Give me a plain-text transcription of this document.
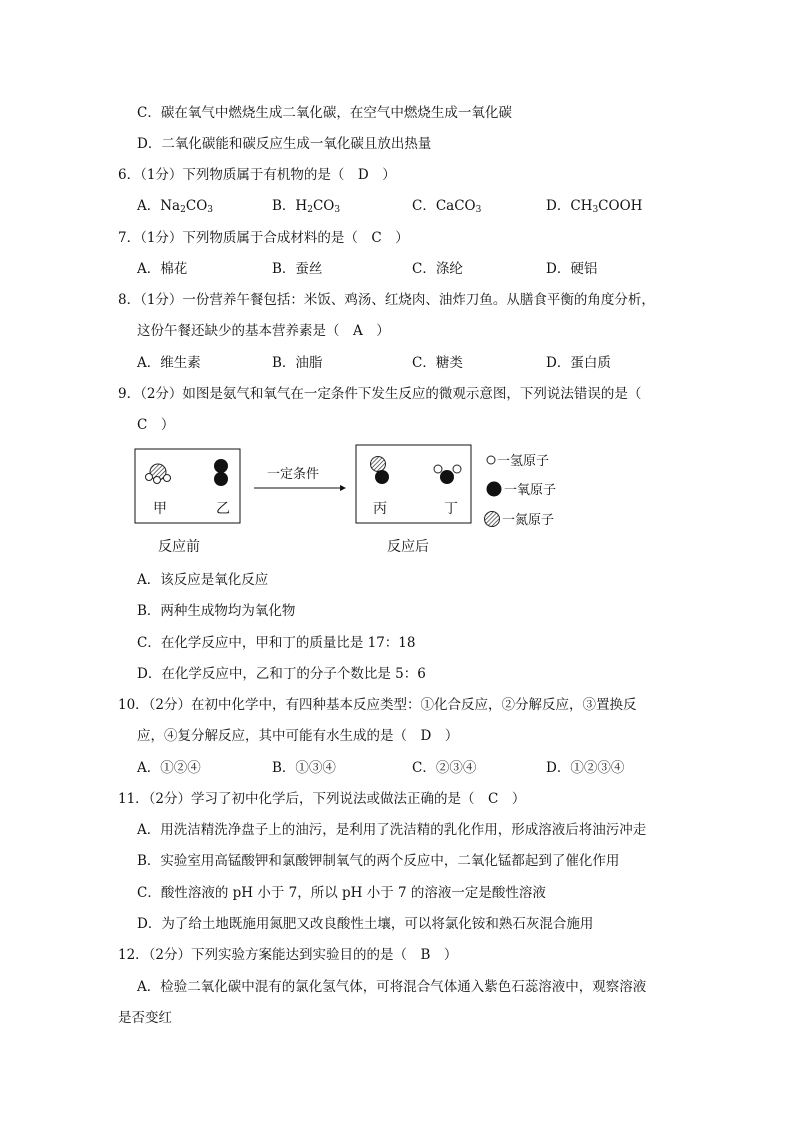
C．碳在氧气中燃烧生成二氧化碳，在空气中燃烧生成一氧化碳
D．二氧化碳能和碳反应生成一氧化碳且放出热量
6．（1分）下列物质属于有机物的是（　D　）
A．$Na_2CO_3$	B．$H_2CO_3$	C．CaCO$_3$	D．$CH_3COOH$
7．（1分）下列物质属于合成材料的是（　C　）
A．棉花	B．蚕丝	C．涤纶	D．硬铝
8．（1分）一份营养午餐包括：米饭、鸡汤、红烧肉、油炸刀鱼。从膳食平衡的角度分析，
这份午餐还缺少的基本营养素是（　A　）
A．维生素	B．油脂	C．糖类	D．蛋白质
9．（2分）如图是氨气和氧气在一定条件下发生反应的微观示意图，下列说法错误的是（
C　）
甲	乙
一定条件
丙	丁
一氢原子
一氧原子
一氮原子
反应前	反应后
A．该反应是氧化反应
B．两种生成物均为氧化物
C．在化学反应中，甲和丁的质量比是 17：18
D．在化学反应中，乙和丁的分子个数比是 5：6
10．（2分）在初中化学中，有四种基本反应类型：①化合反应，②分解反应，③置换反
应，④复分解反应，其中可能有水生成的是（　D　）
A．①②④	B．①③④	C．②③④	D．①②③④
11．（2分）学习了初中化学后，下列说法或做法正确的是（　C　）
A．用洗洁精洗净盘子上的油污，是利用了洗洁精的乳化作用，形成溶液后将油污冲走
B．实验室用高锰酸钾和氯酸钾制氧气的两个反应中，二氧化锰都起到了催化作用
C．酸性溶液的 pH 小于 7，所以 pH 小于 7 的溶液一定是酸性溶液
D．为了给土地既施用氮肥又改良酸性土壤，可以将氯化铵和熟石灰混合施用
12．（2分）下列实验方案能达到实验目的的是（　B　）
A．检验二氧化碳中混有的氯化氢气体，可将混合气体通入紫色石蕊溶液中，观察溶液
是否变红
